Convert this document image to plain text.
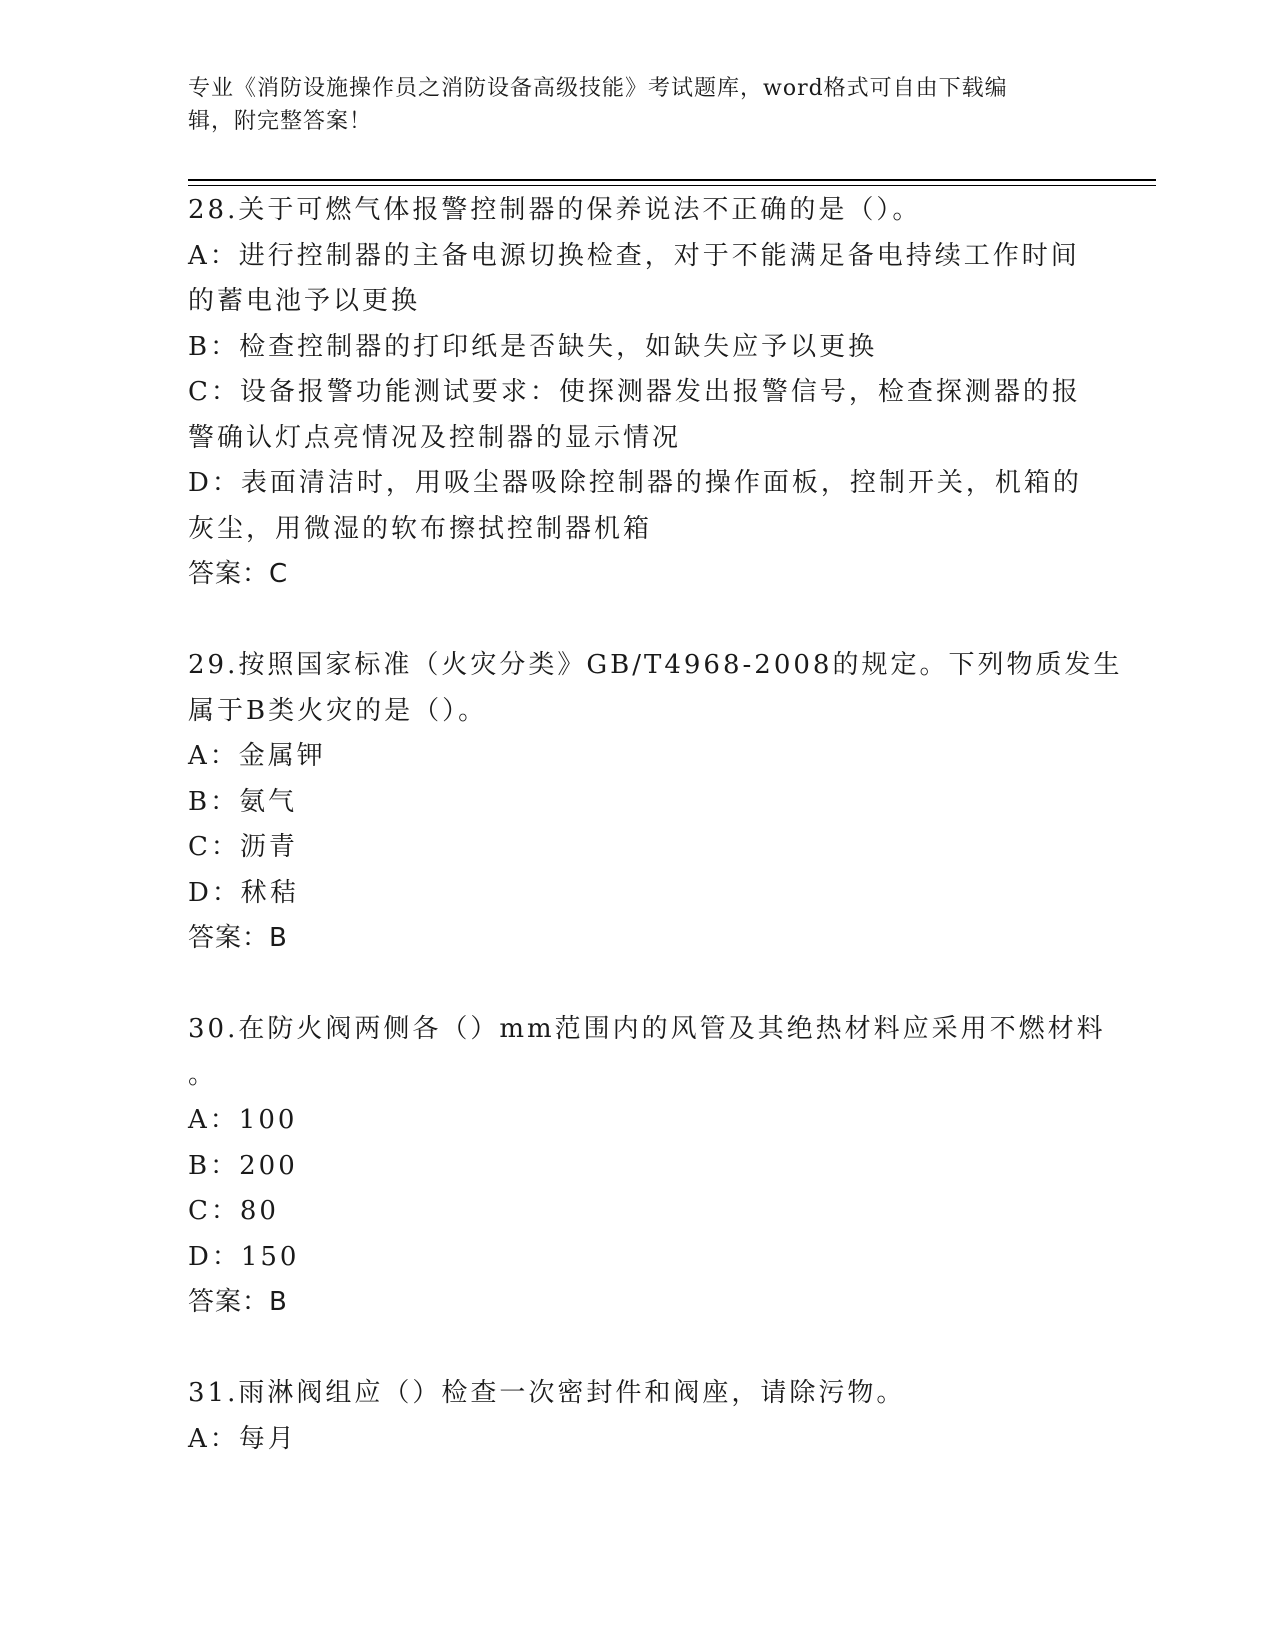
专业《消防设施操作员之消防设备高级技能》考试题库，word格式可自由下载编
辑，附完整答案！
28.关于可燃气体报警控制器的保养说法不正确的是（）。
A：进行控制器的主备电源切换检查，对于不能满足备电持续工作时间
的蓄电池予以更换
B：检查控制器的打印纸是否缺失，如缺失应予以更换
C：设备报警功能测试要求：使探测器发出报警信号，检查探测器的报
警确认灯点亮情况及控制器的显示情况
D：表面清洁时，用吸尘器吸除控制器的操作面板，控制开关，机箱的
灰尘，用微湿的软布擦拭控制器机箱
答案：C
29.按照国家标准（火灾分类》GB/T4968-2008的规定。下列物质发生
属于B类火灾的是（）。
A：金属钾
B：氨气
C：沥青
D：秫秸
答案：B
30.在防火阀两侧各（）mm范围内的风管及其绝热材料应采用不燃材料
。
A：100
B：200
C：80
D：150
答案：B
31.雨淋阀组应（）检查一次密封件和阀座，请除污物。
A：每月
